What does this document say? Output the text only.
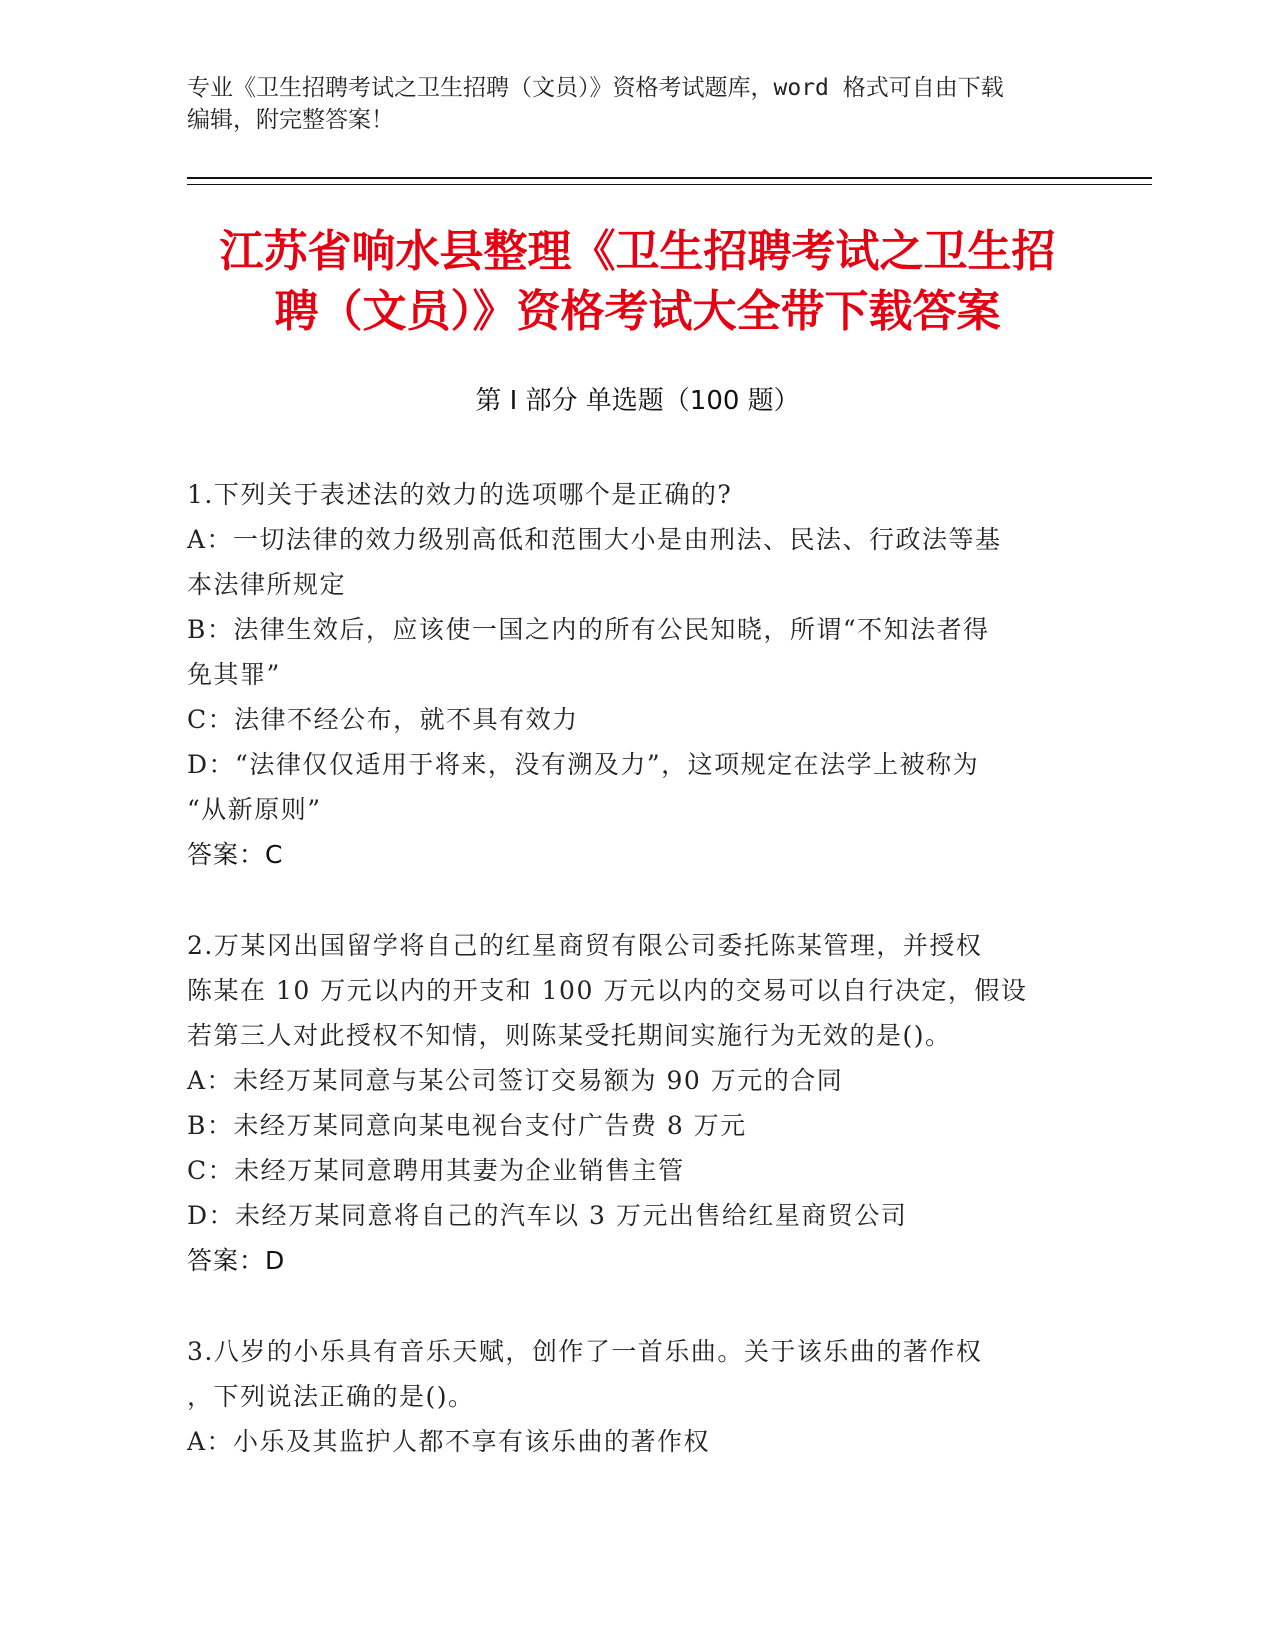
专业《卫生招聘考试之卫生招聘（文员）》资格考试题库，word 格式可自由下载
编辑，附完整答案！
江苏省响水县整理《卫生招聘考试之卫生招
聘（文员）》资格考试大全带下载答案
第 I 部分 单选题（100 题）
1.下列关于表述法的效力的选项哪个是正确的?
A：一切法律的效力级别高低和范围大小是由刑法、民法、行政法等基
本法律所规定
B：法律生效后，应该使一国之内的所有公民知晓，所谓“不知法者得
免其罪”
C：法律不经公布，就不具有效力
D：“法律仅仅适用于将来，没有溯及力”，这项规定在法学上被称为
“从新原则”
答案：C
2.万某冈出国留学将自己的红星商贸有限公司委托陈某管理，并授权
陈某在 10 万元以内的开支和 100 万元以内的交易可以自行决定，假设
若第三人对此授权不知情，则陈某受托期间实施行为无效的是()。
A：未经万某同意与某公司签订交易额为 90 万元的合同
B：未经万某同意向某电视台支付广告费 8 万元
C：未经万某同意聘用其妻为企业销售主管
D：未经万某同意将自己的汽车以 3 万元出售给红星商贸公司
答案：D
3.八岁的小乐具有音乐天赋，创作了一首乐曲。关于该乐曲的著作权
，下列说法正确的是()。
A：小乐及其监护人都不享有该乐曲的著作权
